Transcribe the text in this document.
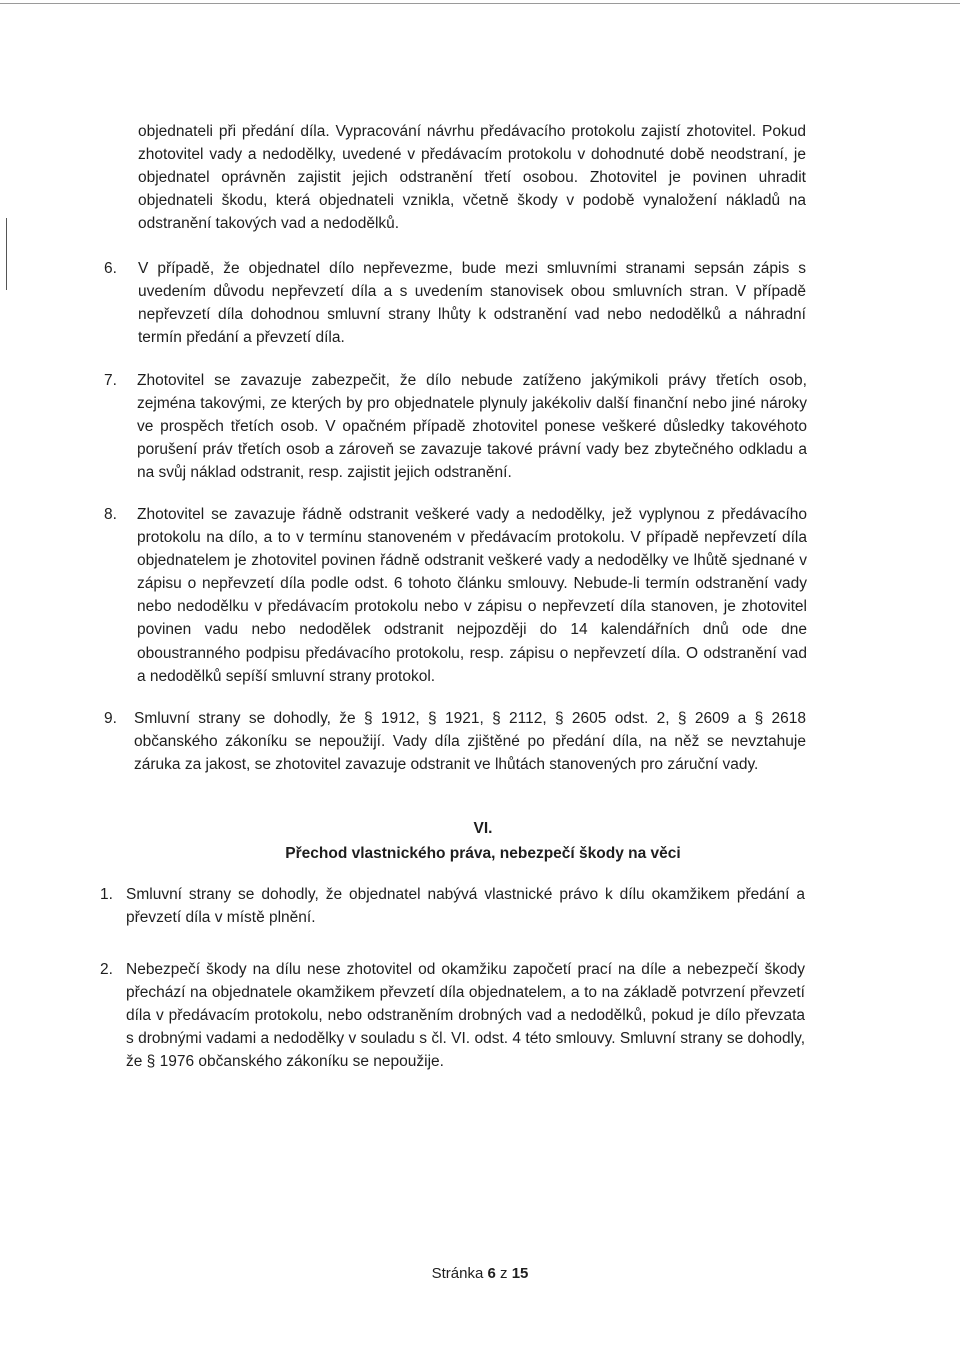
objednateli při předání díla. Vypracování návrhu předávacího protokolu zajistí zhotovitel. Pokud zhotovitel vady a nedodělky, uvedené v předávacím protokolu v dohodnuté době neodstraní, je objednatel oprávněn zajistit jejich odstranění třetí osobou. Zhotovitel je povinen uhradit objednateli škodu, která objednateli vznikla, včetně škody v podobě vynaložení nákladů na odstranění takových vad a nedodělků.

6. V případě, že objednatel dílo nepřevezme, bude mezi smluvními stranami sepsán zápis s uvedením důvodu nepřevzetí díla a s uvedením stanovisek obou smluvních stran. V případě nepřevzetí díla dohodnou smluvní strany lhůty k odstranění vad nebo nedodělků a náhradní termín předání a převzetí díla.

7. Zhotovitel se zavazuje zabezpečit, že dílo nebude zatíženo jakýmikoli právy třetích osob, zejména takovými, ze kterých by pro objednatele plynuly jakékoliv další finanční nebo jiné nároky ve prospěch třetích osob. V opačném případě zhotovitel ponese veškeré důsledky takovéhoto porušení práv třetích osob a zároveň se zavazuje takové právní vady bez zbytečného odkladu a na svůj náklad odstranit, resp. zajistit jejich odstranění.

8. Zhotovitel se zavazuje řádně odstranit veškeré vady a nedodělky, jež vyplynou z předávacího protokolu na dílo, a to v termínu stanoveném v předávacím protokolu. V případě nepřevzetí díla objednatelem je zhotovitel povinen řádně odstranit veškeré vady a nedodělky ve lhůtě sjednané v zápisu o nepřevzetí díla podle odst. 6 tohoto článku smlouvy. Nebude-li termín odstranění vady nebo nedodělku v předávacím protokolu nebo v zápisu o nepřevzetí díla stanoven, je zhotovitel povinen vadu nebo nedodělek odstranit nejpozději do 14 kalendářních dnů ode dne oboustranného podpisu předávacího protokolu, resp. zápisu o nepřevzetí díla. O odstranění vad a nedodělků sepíší smluvní strany protokol.

9. Smluvní strany se dohodly, že § 1912, § 1921, § 2112, § 2605 odst. 2, § 2609 a § 2618 občanského zákoníku se nepoužijí. Vady díla zjištěné po předání díla, na něž se nevztahuje záruka za jakost, se zhotovitel zavazuje odstranit ve lhůtách stanovených pro záruční vady.

VI.

Přechod vlastnického práva, nebezpečí škody na věci

1. Smluvní strany se dohodly, že objednatel nabývá vlastnické právo k dílu okamžikem předání a převzetí díla v místě plnění.

2. Nebezpečí škody na dílu nese zhotovitel od okamžiku započetí prací na díle a nebezpečí škody přechází na objednatele okamžikem převzetí díla objednatelem, a to na základě potvrzení převzetí díla v předávacím protokolu, nebo odstraněním drobných vad a nedodělků, pokud je dílo převzata s drobnými vadami a nedodělky v souladu s čl. VI. odst. 4 této smlouvy. Smluvní strany se dohodly, že § 1976 občanského zákoníku se nepoužije.

Stránka 6 z 15
